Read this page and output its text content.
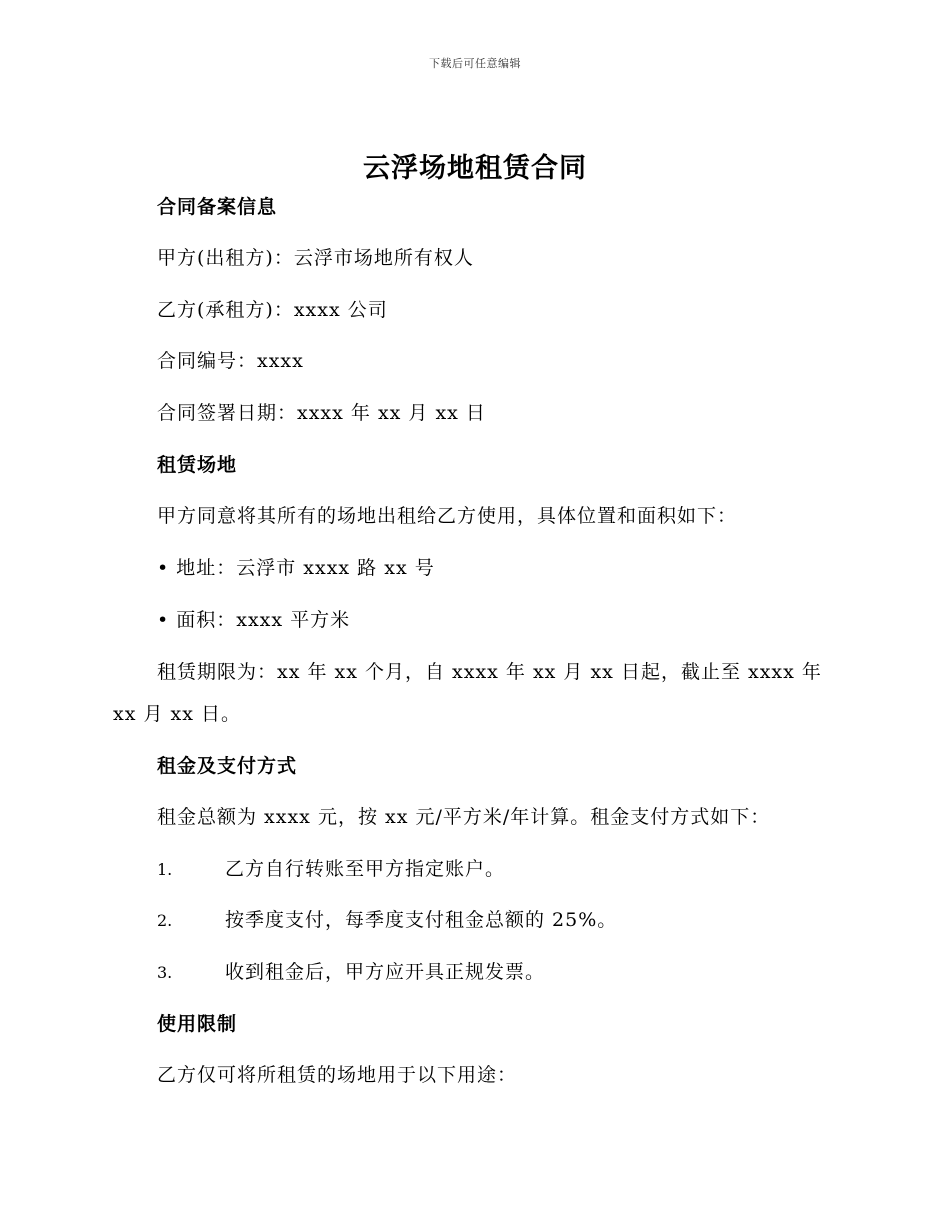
下载后可任意编辑
云浮场地租赁合同
合同备案信息
甲方(出租方)：云浮市场地所有权人
乙方(承租方)：xxxx 公司
合同编号：xxxx
合同签署日期：xxxx 年 xx 月 xx 日
租赁场地
甲方同意将其所有的场地出租给乙方使用，具体位置和面积如下：
• 地址：云浮市 xxxx 路 xx 号
• 面积：xxxx 平方米
租赁期限为：xx 年 xx 个月，自 xxxx 年 xx 月 xx 日起，截止至 xxxx 年 xx 月 xx 日。
租金及支付方式
租金总额为 xxxx 元，按 xx 元/平方米/年计算。租金支付方式如下：
1.	乙方自行转账至甲方指定账户。
2.	按季度支付，每季度支付租金总额的 25%。
3.	收到租金后，甲方应开具正规发票。
使用限制
乙方仅可将所租赁的场地用于以下用途：
